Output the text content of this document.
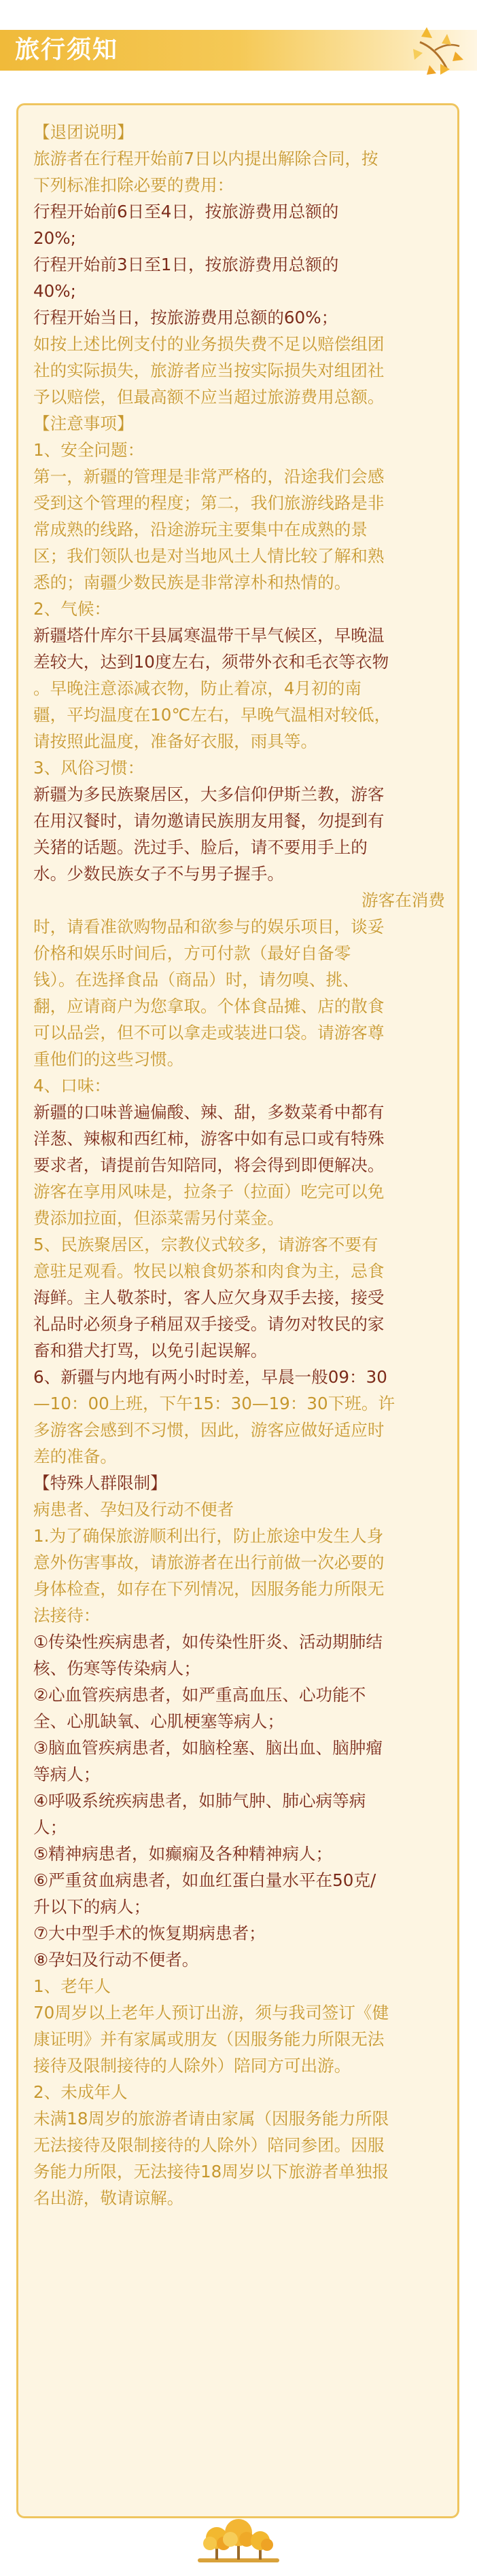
旅行须知
【退团说明】
旅游者在行程开始前7日以内提出解除合同，按
下列标准扣除必要的费用：
行程开始前6日至4日，按旅游费用总额的
20%;
行程开始前3日至1日，按旅游费用总额的
40%;
行程开始当日，按旅游费用总额的60%；
如按上述比例支付的业务损失费不足以赔偿组团
社的实际损失，旅游者应当按实际损失对组团社
予以赔偿，但最高额不应当超过旅游费用总额。
【注意事项】
1、安全问题：
第一，新疆的管理是非常严格的，沿途我们会感
受到这个管理的程度；第二，我们旅游线路是非
常成熟的线路，沿途游玩主要集中在成熟的景
区；我们领队也是对当地风土人情比较了解和熟
悉的；南疆少数民族是非常淳朴和热情的。
2、气候：
新疆塔什库尔干县属寒温带干旱气候区，早晚温
差较大，达到10度左右，须带外衣和毛衣等衣物
。早晚注意添减衣物，防止着凉，4月初的南
疆，平均温度在10℃左右，早晚气温相对较低，
请按照此温度，准备好衣服，雨具等。
3、风俗习惯：
新疆为多民族聚居区，大多信仰伊斯兰教，游客
在用汉餐时，请勿邀请民族朋友用餐，勿提到有
关猪的话题。洗过手、脸后，请不要用手上的
水。少数民族女子不与男子握手。
游客在消费
时，请看准欲购物品和欲参与的娱乐项目，谈妥
价格和娱乐时间后，方可付款（最好自备零
钱）。在选择食品（商品）时，请勿嗅、挑、
翻，应请商户为您拿取。个体食品摊、店的散食
可以品尝，但不可以拿走或装进口袋。请游客尊
重他们的这些习惯。
4、口味：
新疆的口味普遍偏酸、辣、甜，多数菜肴中都有
洋葱、辣椒和西红柿，游客中如有忌口或有特殊
要求者，请提前告知陪同，将会得到即便解决。
游客在享用风味是，拉条子（拉面）吃完可以免
费添加拉面，但添菜需另付菜金。
5、民族聚居区，宗教仪式较多，请游客不要有
意驻足观看。牧民以粮食奶茶和肉食为主，忌食
海鲜。主人敬茶时，客人应欠身双手去接，接受
礼品时必须身子稍屈双手接受。请勿对牧民的家
畜和猎犬打骂，以免引起误解。
6、新疆与内地有两小时时差，早晨一般09：30
—10：00上班，下午15：30—19：30下班。许
多游客会感到不习惯，因此，游客应做好适应时
差的准备。
【特殊人群限制】
病患者、孕妇及行动不便者
1.为了确保旅游顺利出行，防止旅途中发生人身
意外伤害事故，请旅游者在出行前做一次必要的
身体检查，如存在下列情况，因服务能力所限无
法接待：
①传染性疾病患者，如传染性肝炎、活动期肺结
核、伤寒等传染病人；
②心血管疾病患者，如严重高血压、心功能不
全、心肌缺氧、心肌梗塞等病人；
③脑血管疾病患者，如脑栓塞、脑出血、脑肿瘤
等病人；
④呼吸系统疾病患者，如肺气肿、肺心病等病
人；
⑤精神病患者，如癫痫及各种精神病人；
⑥严重贫血病患者，如血红蛋白量水平在50克/
升以下的病人；
⑦大中型手术的恢复期病患者；
⑧孕妇及行动不便者。
1、老年人
70周岁以上老年人预订出游，须与我司签订《健
康证明》并有家属或朋友（因服务能力所限无法
接待及限制接待的人除外）陪同方可出游。
2、未成年人
未满18周岁的旅游者请由家属（因服务能力所限
无法接待及限制接待的人除外）陪同参团。因服
务能力所限，无法接待18周岁以下旅游者单独报
名出游，敬请谅解。
